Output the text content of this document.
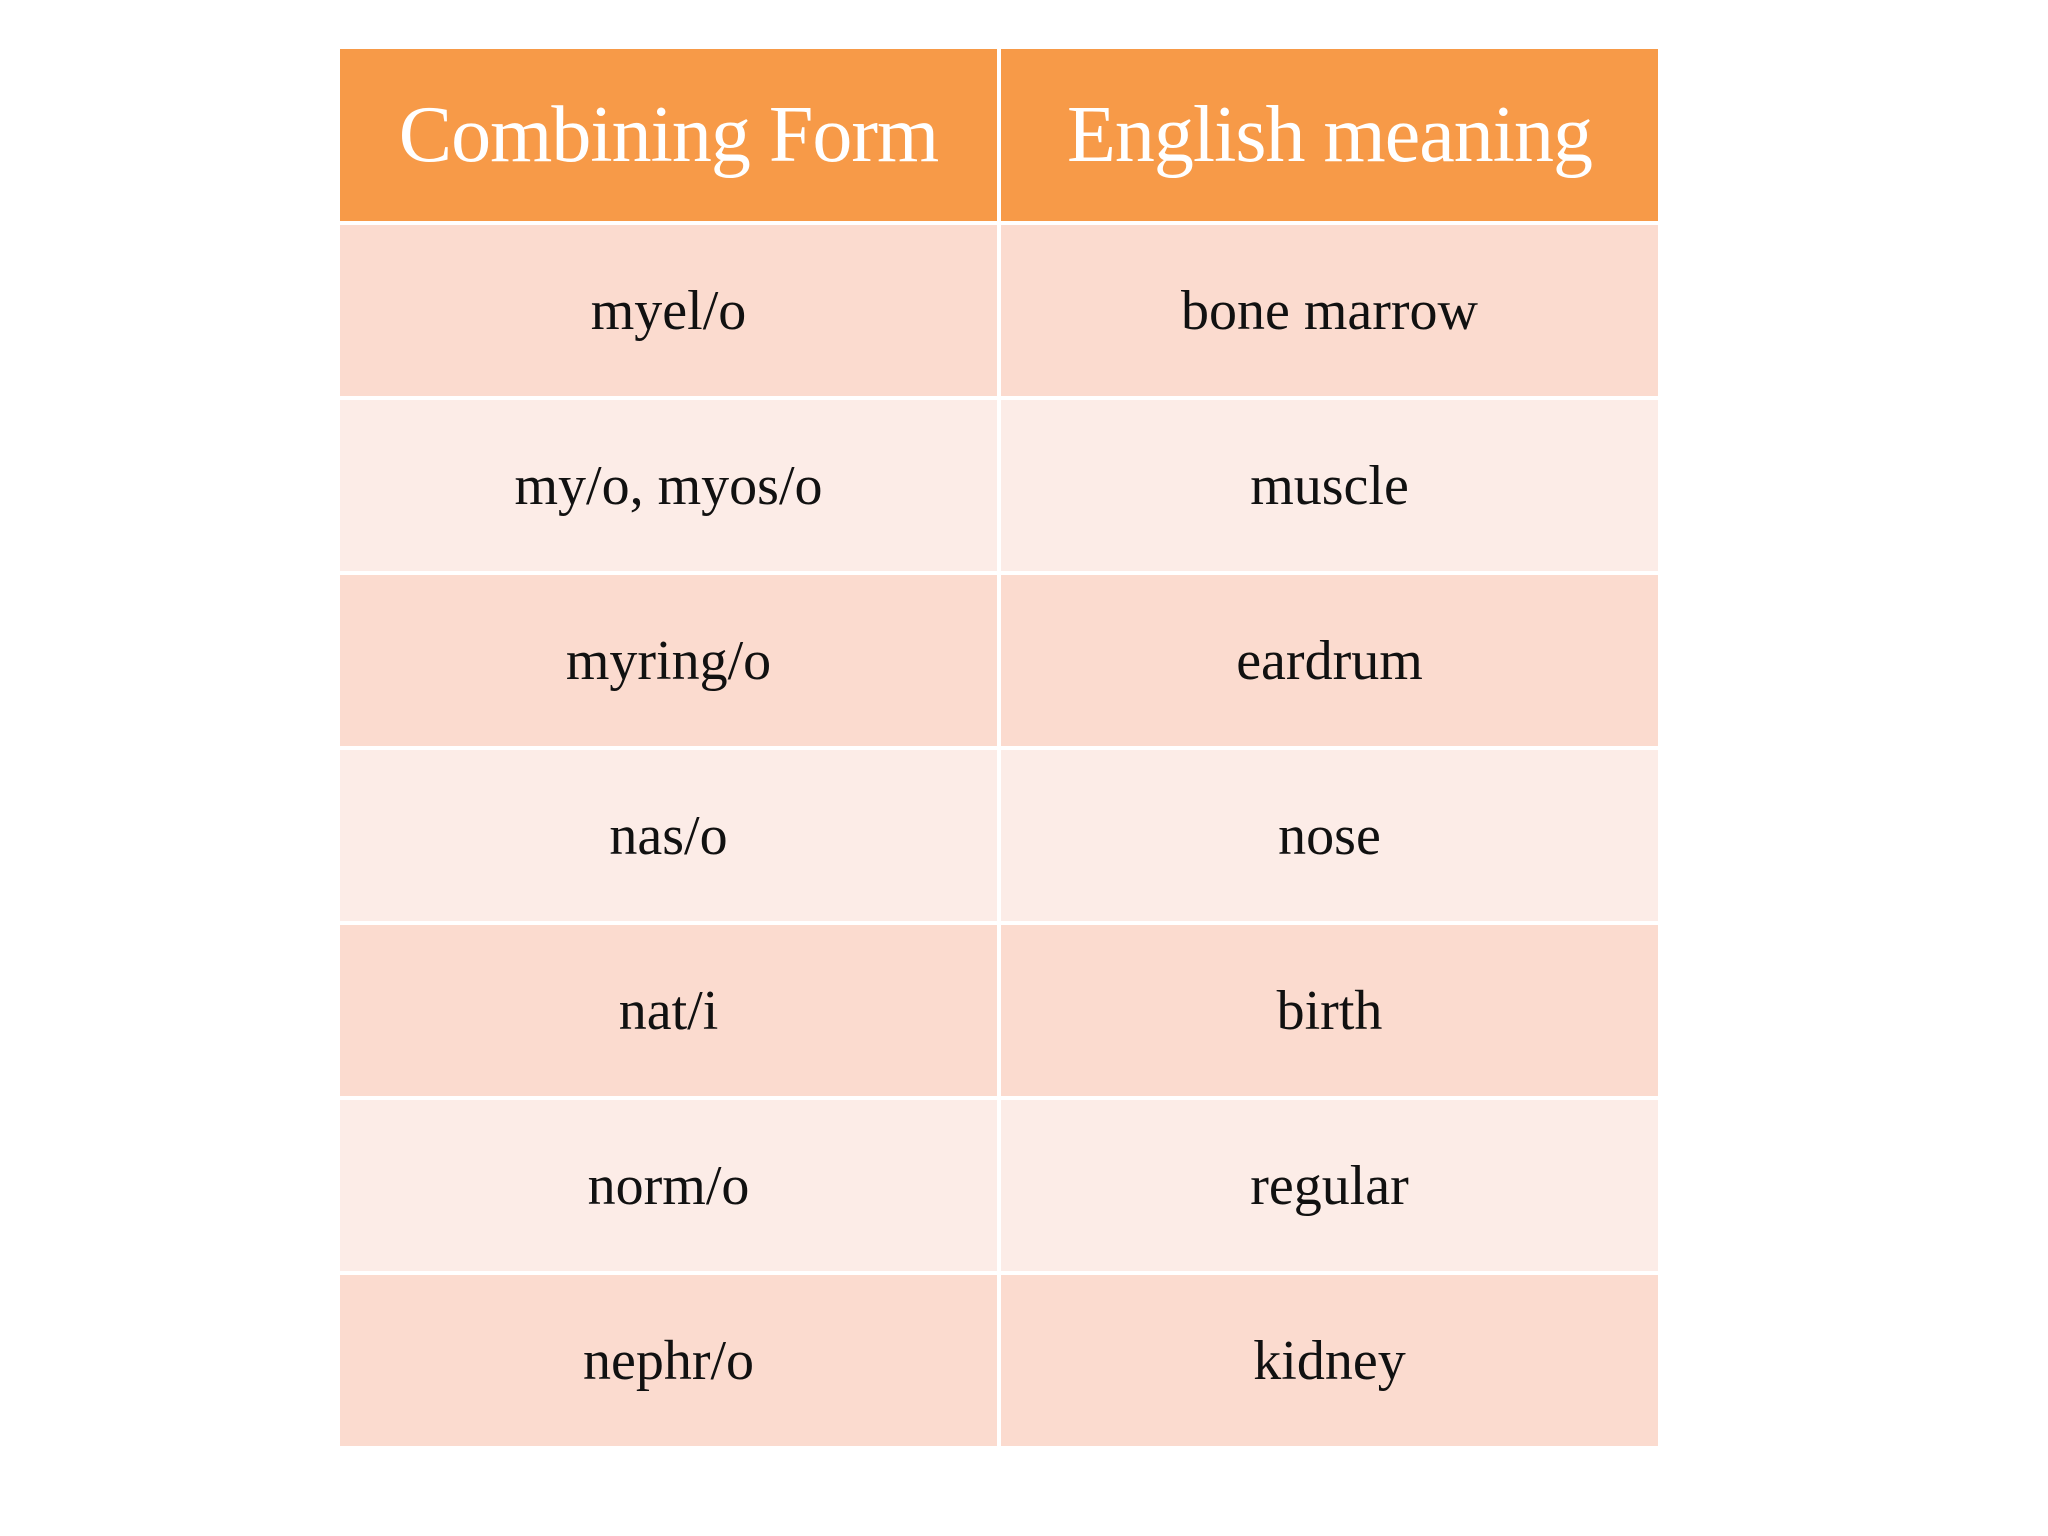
Combining Form	English meaning
myel/o	bone marrow
my/o, myos/o	muscle
myring/o	eardrum
nas/o	nose
nat/i	birth
norm/o	regular
nephr/o	kidney
